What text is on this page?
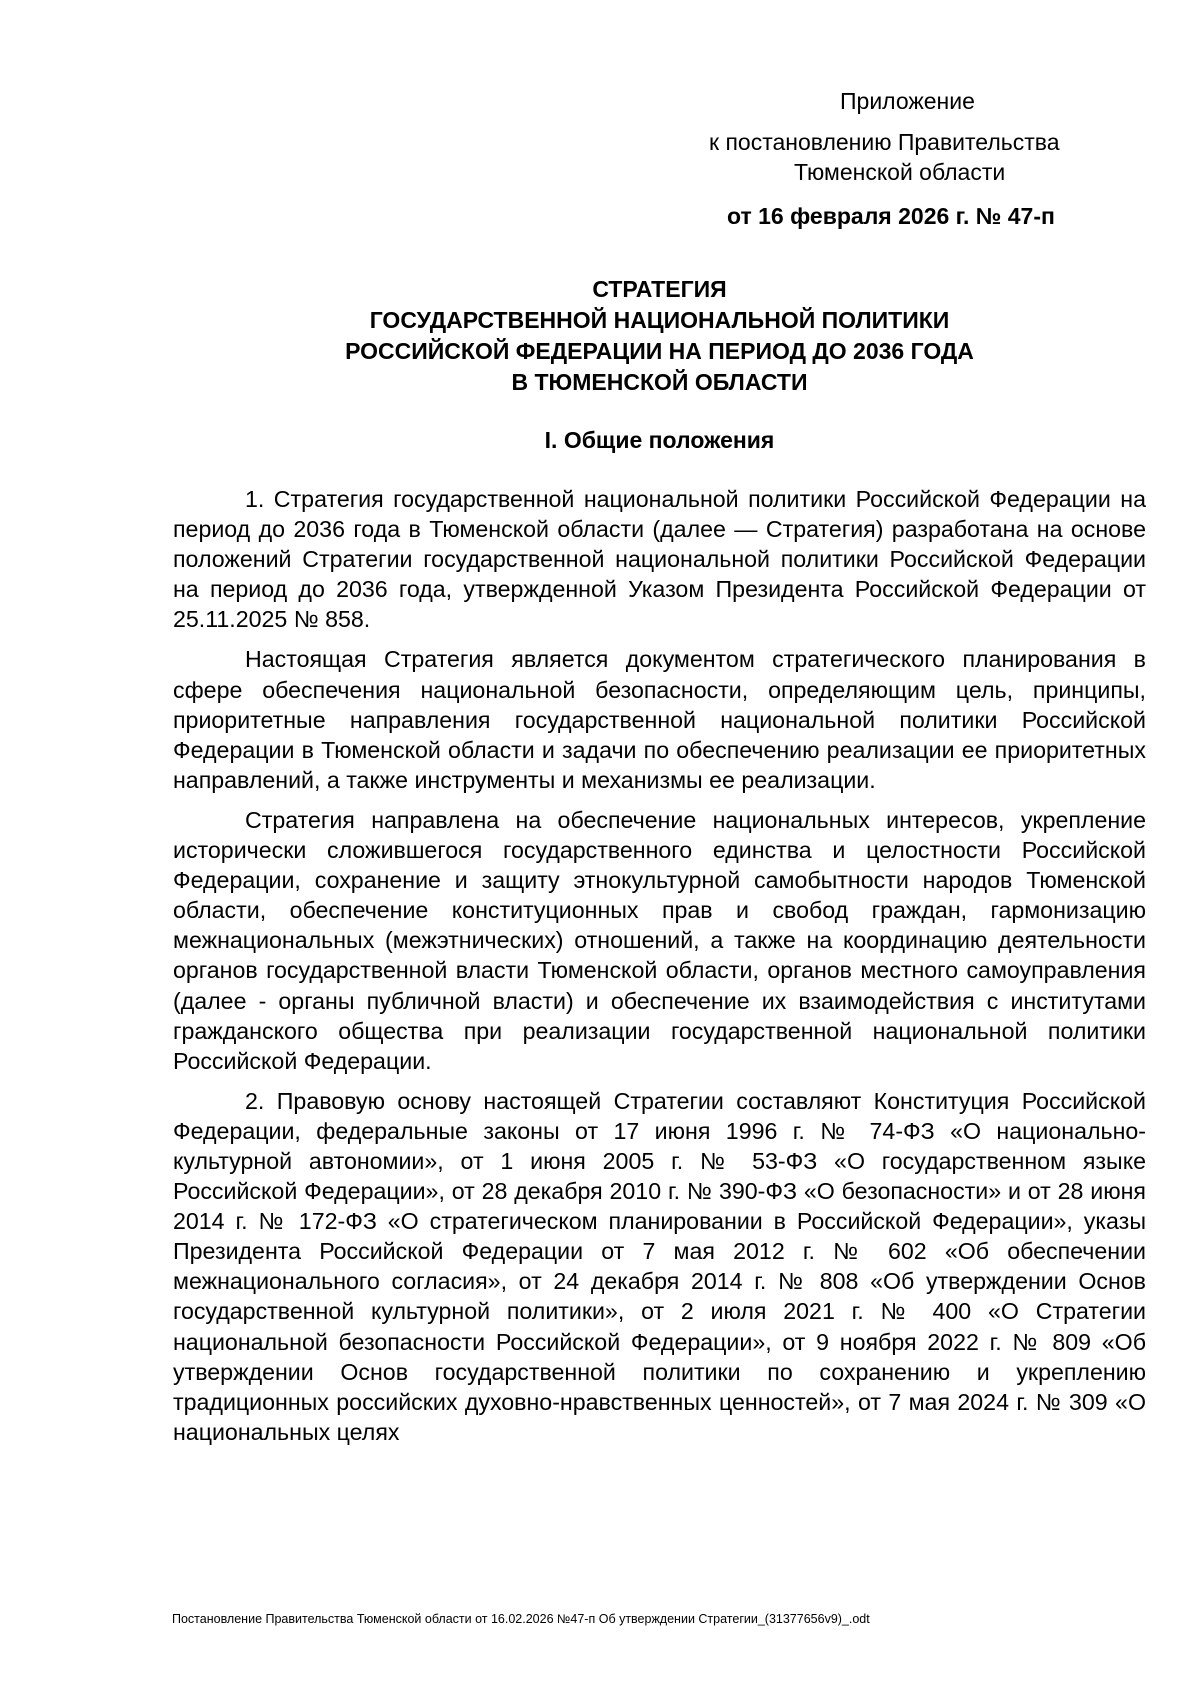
Приложение
к постановлению Правительства
Тюменской области
от 16 февраля 2026 г. № 47-п
СТРАТЕГИЯ
ГОСУДАРСТВЕННОЙ НАЦИОНАЛЬНОЙ ПОЛИТИКИ
РОССИЙСКОЙ ФЕДЕРАЦИИ НА ПЕРИОД ДО 2036 ГОДА
В ТЮМЕНСКОЙ ОБЛАСТИ
I. Общие положения

1. Стратегия государственной национальной политики Российской Федерации на период до 2036 года в Тюменской области (далее — Стратегия) разработана на основе положений Стратегии государственной национальной политики Российской Федерации на период до 2036 года, утвержденной Указом Президента Российской Федерации от 25.11.2025 № 858.

Настоящая Стратегия является документом стратегического планирования в сфере обеспечения национальной безопасности, определяющим цель, принципы, приоритетные направления государственной национальной политики Российской Федерации в Тюменской области и задачи по обеспечению реализации ее приоритетных направлений, а также инструменты и механизмы ее реализации.

Стратегия направлена на обеспечение национальных интересов, укрепление исторически сложившегося государственного единства и целостности Российской Федерации, сохранение и защиту этнокультурной самобытности народов Тюменской области, обеспечение конституционных прав и свобод граждан, гармонизацию межнациональных (межэтнических) отношений, а также на координацию деятельности органов государственной власти Тюменской области, органов местного самоуправления (далее - органы публичной власти) и обеспечение их взаимодействия с институтами гражданского общества при реализации государственной национальной политики Российской Федерации.

2. Правовую основу настоящей Стратегии составляют Конституция Российской Федерации, федеральные законы от 17 июня 1996 г. № 74-ФЗ «О национально-культурной автономии», от 1 июня 2005 г. № 53-ФЗ «О государственном языке Российской Федерации», от 28 декабря 2010 г. № 390-ФЗ «О безопасности» и от 28 июня 2014 г. № 172-ФЗ «О стратегическом планировании в Российской Федерации», указы Президента Российской Федерации от 7 мая 2012 г. № 602 «Об обеспечении межнационального согласия», от 24 декабря 2014 г. № 808 «Об утверждении Основ государственной культурной политики», от 2 июля 2021 г. № 400 «О Стратегии национальной безопасности Российской Федерации», от 9 ноября 2022 г. № 809 «Об утверждении Основ государственной политики по сохранению и укреплению традиционных российских духовно-нравственных ценностей», от 7 мая 2024 г. № 309 «О национальных целях

Постановление Правительства Тюменской области от 16.02.2026 №47-п Об утверждении Стратегии_(31377656v9)_.odt
